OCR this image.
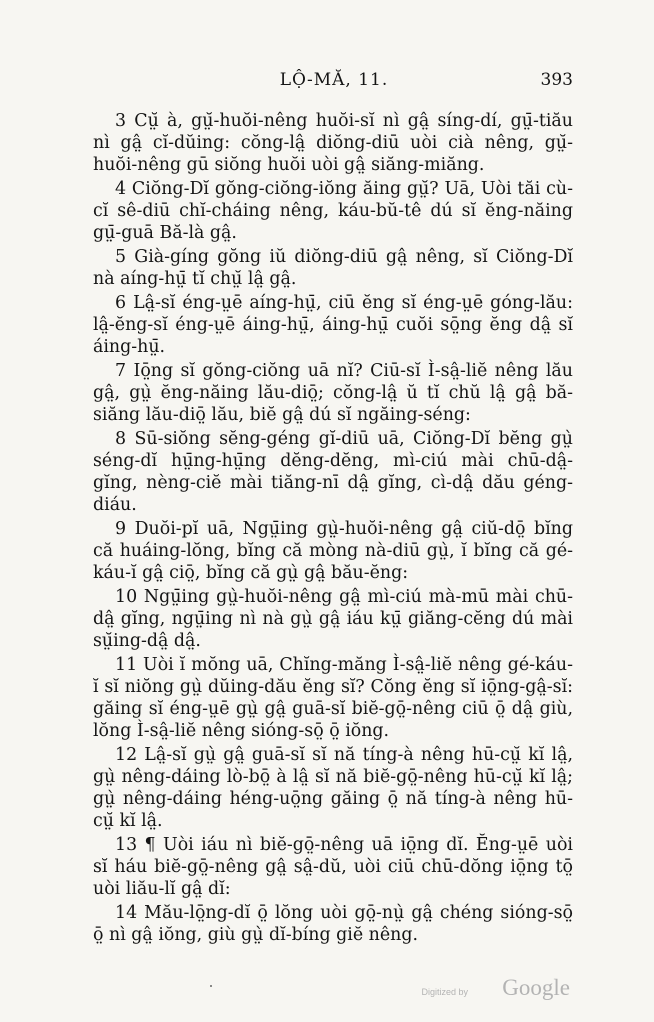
LỘ-MĂ, 11.	393

3 Cṳ̆ à, gṳ̆-huŏi-nêng huŏi-sĭ nì gâ̤ síng-dí, gṳ̄-tiău nì gâ̤ cĭ-dŭing: cŏng-lâ̤ diŏng-diū uòi cià nêng, gṳ̆-huŏi-nêng gū siŏng huŏi uòi gâ̤ siăng-miăng.

4 Ciŏng-Dĭ gŏng-ciŏng-iŏng ăing gṳ̆? Uā, Uòi tăi cù-cĭ sê-diū chĭ-cháing nêng, káu-bŭ-tê dú sĭ ĕng-năing gṳ̄-guā Bă-là gâ̤.

5 Già-gíng gŏng iŭ diŏng-diū gâ̤ nêng, sĭ Ciŏng-Dĭ nà aíng-hṳ̄ tĭ chṳ̆ lâ̤ gâ̤.

6 Lâ̤-sĭ éng-ṳē aíng-hṳ̄, ciū ĕng sĭ éng-ṳē góng-lău: lâ̤-ĕng-sĭ éng-ṳē áing-hṳ̄, áing-hṳ̄ cuŏi sō̤ng ĕng dâ̤ sĭ áing-hṳ̄.

7 Iō̤ng sĭ gŏng-ciŏng uā nĭ? Ciū-sĭ Ì-sâ̤-liĕ nêng lău gâ̤, gṳ̀ ĕng-năing lău-diō̤; cŏng-lâ̤ ŭ tĭ chŭ lâ̤ gâ̤ bă-siăng lău-diō̤ lău, biĕ gâ̤ dú sĭ ngăing-séng:

8 Sū-siŏng sĕng-géng gĭ-diū uā, Ciŏng-Dĭ bĕng gṳ̀ séng-dĭ hṳ̄ng-hṳ̄ng dĕng-dĕng, mì-ciú mài chū-dâ̤-gĭng, nèng-ciĕ mài tiăng-nī dâ̤ gĭng, cì-dâ̤ dău géng-diáu.

9 Duŏi-pĭ uā, Ngṳ̄ing gṳ̀-huŏi-nêng gâ̤ ciŭ-dō̤ bĭng că huáing-lŏng, bĭng că mòng nà-diū gṳ̀, ĭ bĭng că gé-káu-ĭ gâ̤ ciō̤, bĭng că gṳ̀ gâ̤ bău-ĕng:

10 Ngṳ̄ing gṳ̀-huŏi-nêng gâ̤ mì-ciú mà-mū mài chū-dâ̤ gĭng, ngṳ̄ing nì nà gṳ̀ gâ̤ iáu kṳ̄ giăng-cĕng dú mài sṳ̆ing-dâ̤ dâ̤.

11 Uòi ĭ mŏng uā, Chĭng-măng Ì-sâ̤-liĕ nêng gé-káu-ĭ sĭ niŏng gṳ̀ dŭing-dău ĕng sĭ? Cŏng ĕng sĭ iō̤ng-gâ̤-sĭ: găing sĭ éng-ṳē gṳ̀ gâ̤ guā-sĭ biĕ-gō̤-nêng ciū ō̤ dâ̤ giù, lŏng Ì-sâ̤-liĕ nêng sióng-sō̤ ō̤ iŏng.

12 Lâ̤-sĭ gṳ̀ gâ̤ guā-sĭ sĭ nă tíng-à nêng hū-cṳ̆ kĭ lâ̤, gṳ̀ nêng-dáing lò-bō̤ à lâ̤ sĭ nă biĕ-gō̤-nêng hū-cṳ̆ kĭ lâ̤; gṳ̀ nêng-dáing héng-uō̤ng găing ō̤ nă tíng-à nêng hū-cṳ̆ kĭ lâ̤.

13 ¶ Uòi iáu nì biĕ-gō̤-nêng uā iō̤ng dĭ. Ĕng-ṳē uòi sĭ háu biĕ-gō̤-nêng gâ̤ sâ̤-dŭ, uòi ciū chū-dŏng iō̤ng tō̤ uòi liău-lĭ gâ̤ dĭ:

14 Mău-lō̤ng-dĭ ō̤ lŏng uòi gō̤-nṳ̀ gâ̤ chéng sióng-sō̤ ō̤ nì gâ̤ iŏng, giù gṳ̀ dĭ-bíng giĕ nêng.

Digitized by Google
